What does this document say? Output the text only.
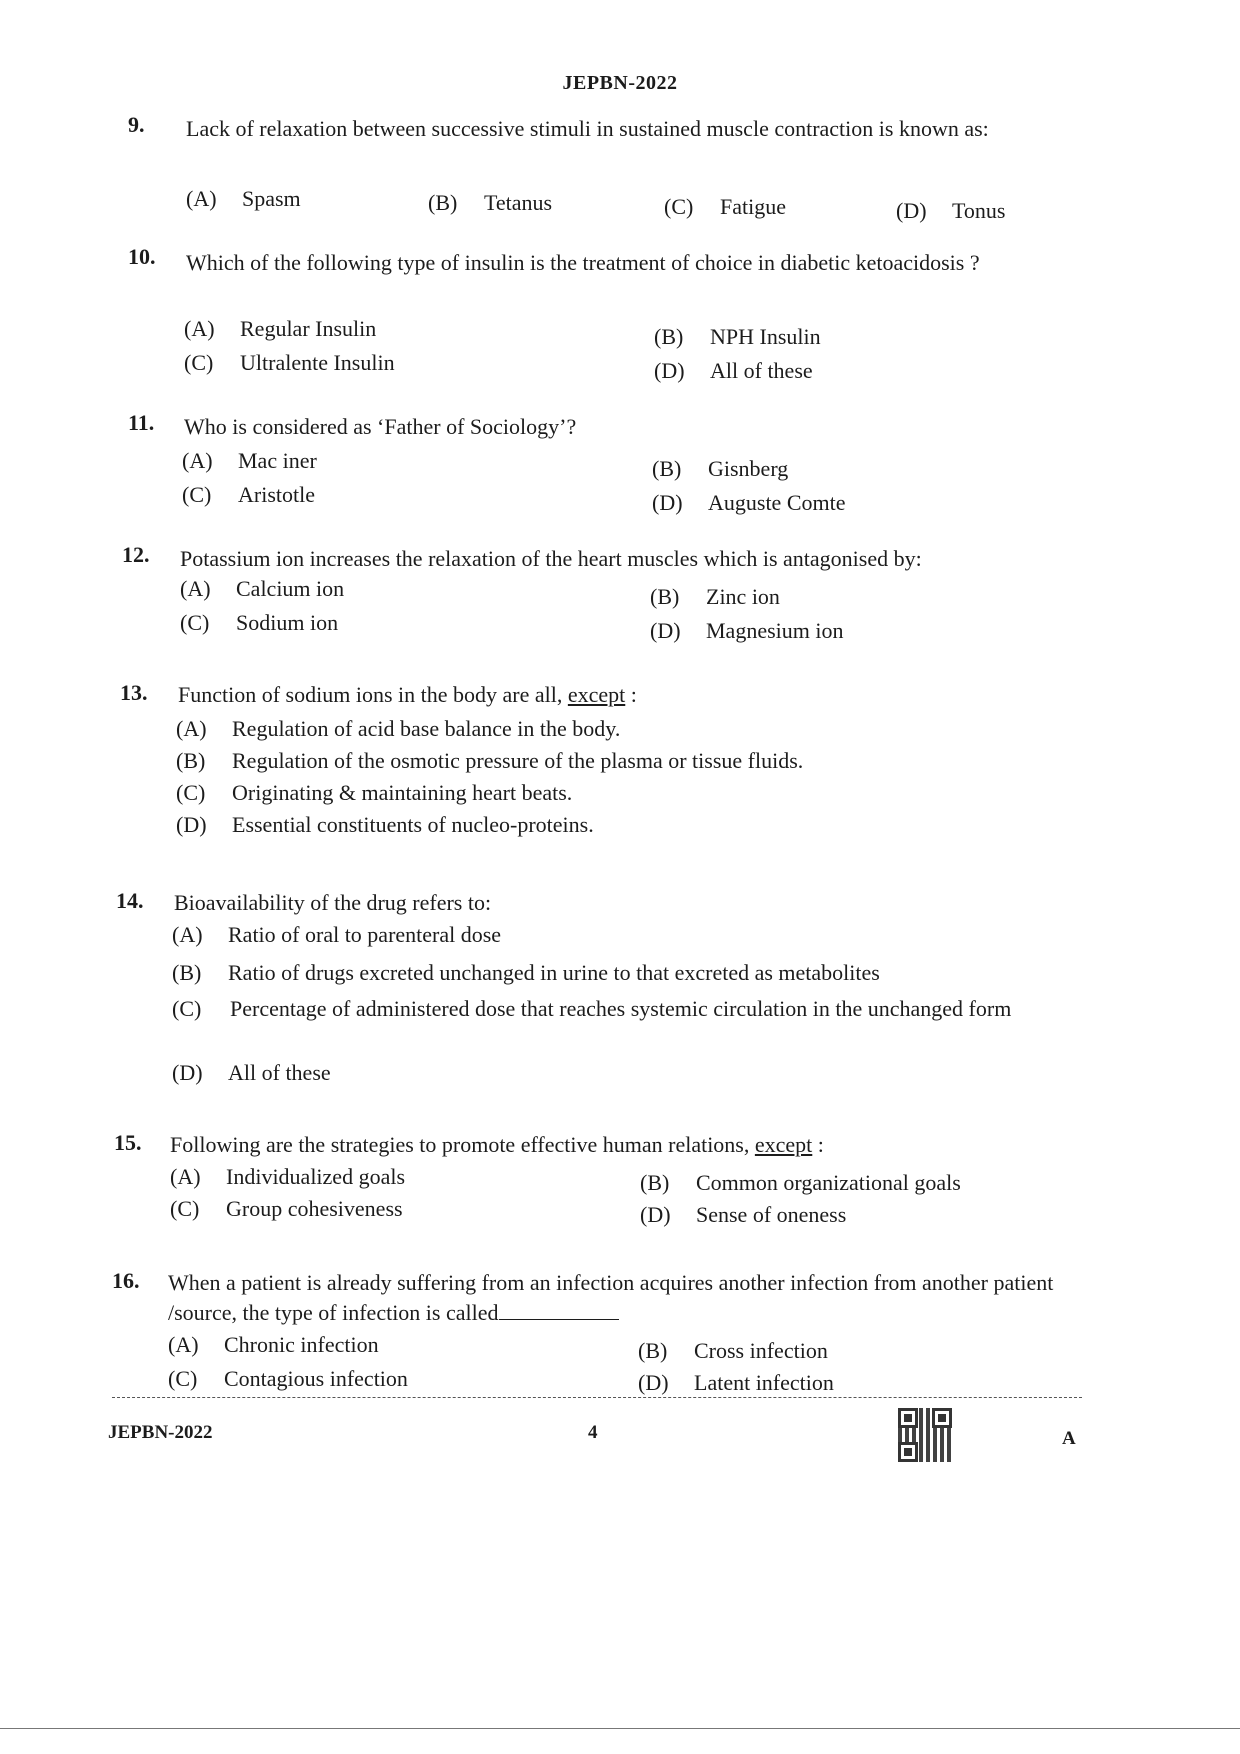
JEPBN-2022
9. Lack of relaxation between successive stimuli in sustained muscle contraction is known as:
(A) Spasm	(B) Tetanus	(C) Fatigue	(D) Tonus
10. Which of the following type of insulin is the treatment of choice in diabetic ketoacidosis ?
(A) Regular Insulin	(B) NPH Insulin
(C) Ultralente Insulin	(D) All of these
11. Who is considered as ‘Father of Sociology’?
(A) Mac iner	(B) Gisnberg
(C) Aristotle	(D) Auguste Comte
12. Potassium ion increases the relaxation of the heart muscles which is antagonised by:
(A) Calcium ion	(B) Zinc ion
(C) Sodium ion	(D) Magnesium ion
13. Function of sodium ions in the body are all, except :
(A) Regulation of acid base balance in the body.
(B) Regulation of the osmotic pressure of the plasma or tissue fluids.
(C) Originating & maintaining heart beats.
(D) Essential constituents of nucleo-proteins.
14. Bioavailability of the drug refers to:
(A) Ratio of oral to parenteral dose
(B) Ratio of drugs excreted unchanged in urine to that excreted as metabolites
(C) Percentage of administered dose that reaches systemic circulation in the unchanged form
(D) All of these
15. Following are the strategies to promote effective human relations, except :
(A) Individualized goals	(B) Common organizational goals
(C) Group cohesiveness	(D) Sense of oneness
16. When a patient is already suffering from an infection acquires another infection from another patient /source, the type of infection is called
(A) Chronic infection	(B) Cross infection
(C) Contagious infection	(D) Latent infection
JEPBN-2022	4	A
